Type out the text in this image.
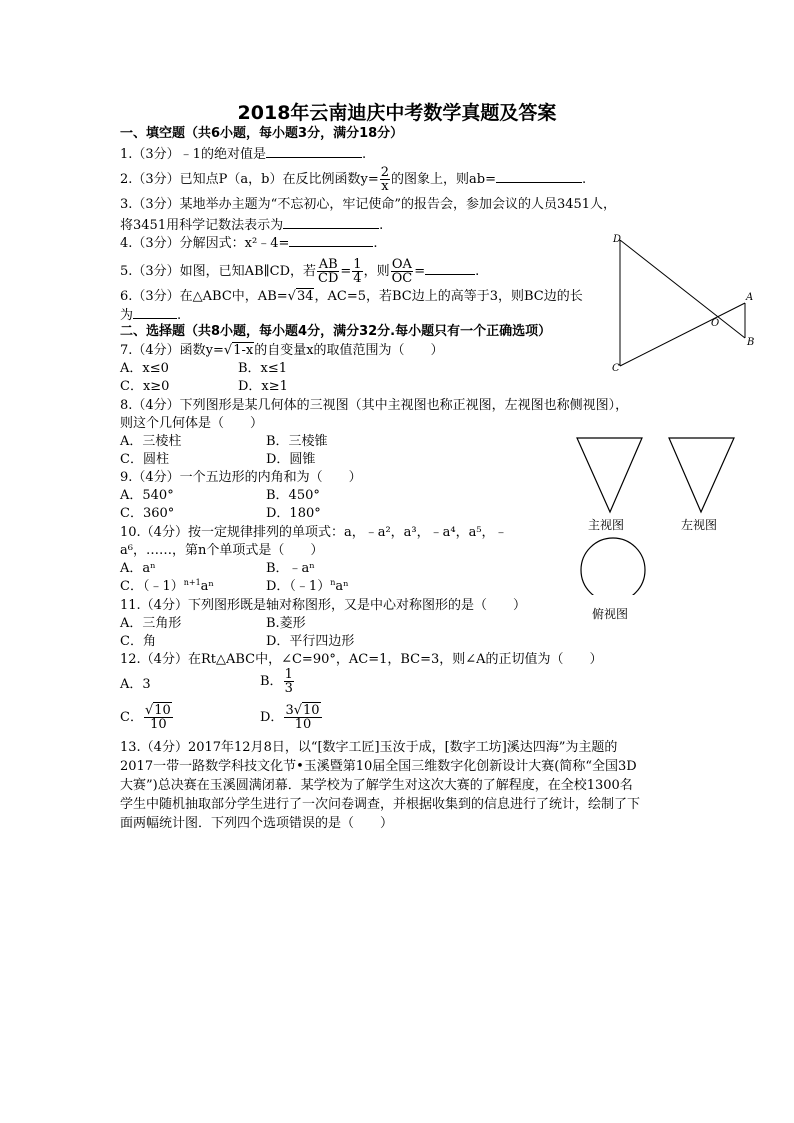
2018年云南迪庆中考数学真题及答案
一、填空题（共6小题，每小题3分，满分18分）
1.（3分）﹣1的绝对值是	.
2.（3分）已知点P（a，b）在反比例函数$y= \frac{2}{x}$ 的图象上，则ab=	.
3.（3分）某地举办主题为“不忘初心，牢记使命”的报告会，参加会议的人员3451人，
将3451用科学记数法表示为	.
4.（3分）分解因式：x²﹣4=	.
5.（3分）如图，已知AB∥CD，若 $\frac{AB}{CD} = \frac{1}{4}$ ，则 $\frac{OA}{OC}$ =	.
6.（3分）在△ABC中，AB=√34，AC=5，若BC边上的高等于3，则BC边的长
为	.
二、选择题（共8小题，每小题4分，满分32分.每小题只有一个正确选项）
7.（4分）函数y=√1-x的自变量x的取值范围为（　　）
A．x≤0	B．x≤1
C．x≥0	D．x≥1
8.（4分）下列图形是某几何体的三视图（其中主视图也称正视图，左视图也称侧视图），
则这个几何体是（　　）
A．三棱柱	B．三棱锥
C．圆柱	D．圆锥
9.（4分）一个五边形的内角和为（　　）
A．540°	B．450°
C．360°	D．180°
10.（4分）按一定规律排列的单项式：a，﹣a²，a³，﹣a⁴，a⁵，﹣
a⁶，……，第n个单项式是（　　）
A．aⁿ	B．﹣aⁿ
C．（﹣1）$^{n+1}$aⁿ	D．（﹣1）$^n$aⁿ
11.（4分）下列图形既是轴对称图形，又是中心对称图形的是（　　）
A．三角形	B.菱形
C．角	D．平行四边形
12.（4分）在Rt△ABC中，∠C=90°，AC=1，BC=3，则∠A的正切值为（　　）
A．3	B． $\frac{1}{3}$
C． $\frac{√10}{10}$	D． $\frac{3√10}{10}$
13.（4分）2017年12月8日，以“[数字工匠]玉汝于成，[数字工坊]溪达四海”为主题的
2017一带一路数学科技文化节•玉溪暨第10届全国三维数字化创新设计大赛(简称“全国3D
大赛”)总决赛在玉溪圆满闭幕．某学校为了解学生对这次大赛的了解程度，在全校1300名
学生中随机抽取部分学生进行了一次问卷调查，并根据收集到的信息进行了统计，绘制了下
面两幅统计图．下列四个选项错误的是（　　）
D
A
O
B
C
主视图	左视图
俯视图
